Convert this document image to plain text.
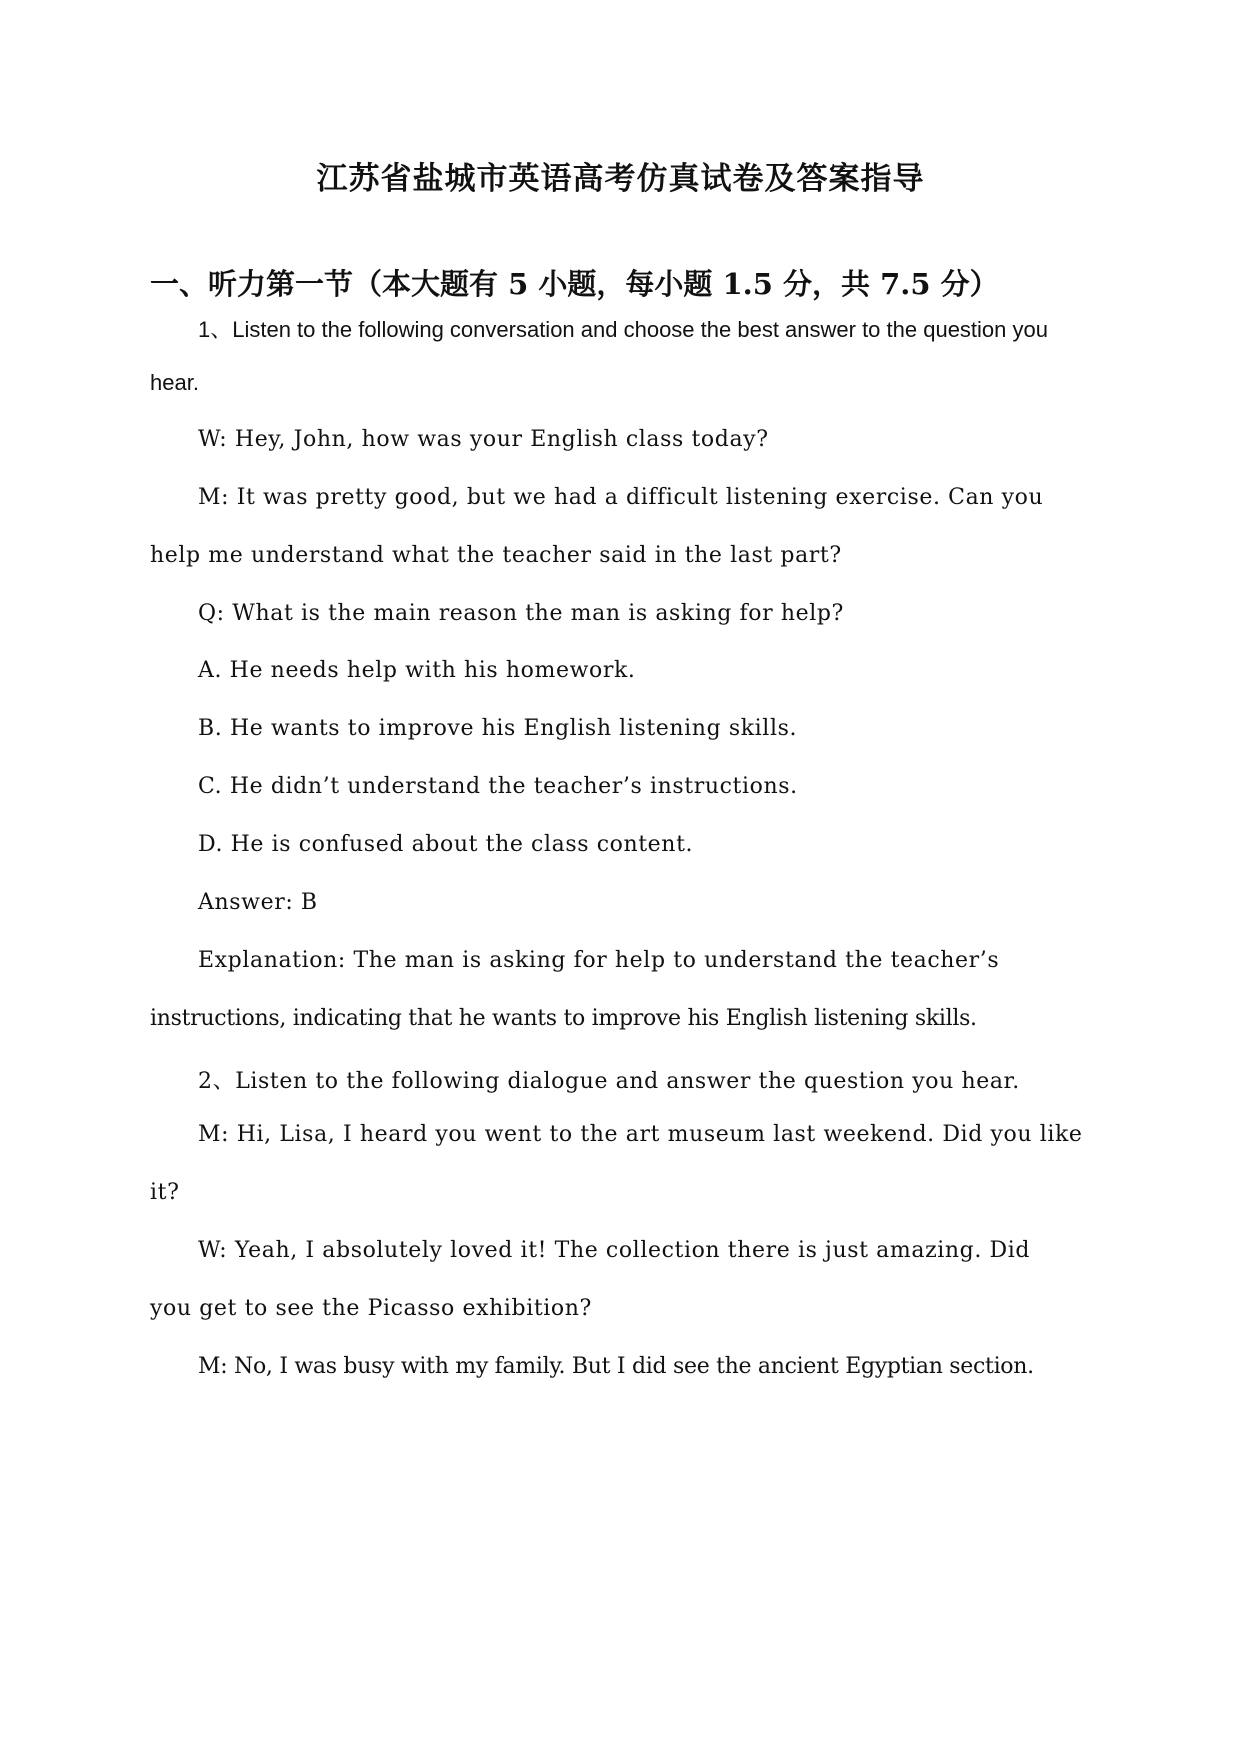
江苏省盐城市英语高考仿真试卷及答案指导
一、听力第一节（本大题有 5 小题，每小题 1.5 分，共 7.5 分）

1、Listen to the following conversation and choose the best answer to the question you

hear.

W: Hey, John, how was your English class today?

M: It was pretty good, but we had a difficult listening exercise. Can you

help me understand what the teacher said in the last part?

Q: What is the main reason the man is asking for help?

A. He needs help with his homework.

B. He wants to improve his English listening skills.

C. He didn’t understand the teacher’s instructions.

D. He is confused about the class content.

Answer: B

Explanation: The man is asking for help to understand the teacher’s

instructions, indicating that he wants to improve his English listening skills.

2、Listen to the following dialogue and answer the question you hear.

M: Hi, Lisa, I heard you went to the art museum last weekend. Did you like

it?

W: Yeah, I absolutely loved it! The collection there is just amazing. Did

you get to see the Picasso exhibition?

M: No, I was busy with my family. But I did see the ancient Egyptian section.
